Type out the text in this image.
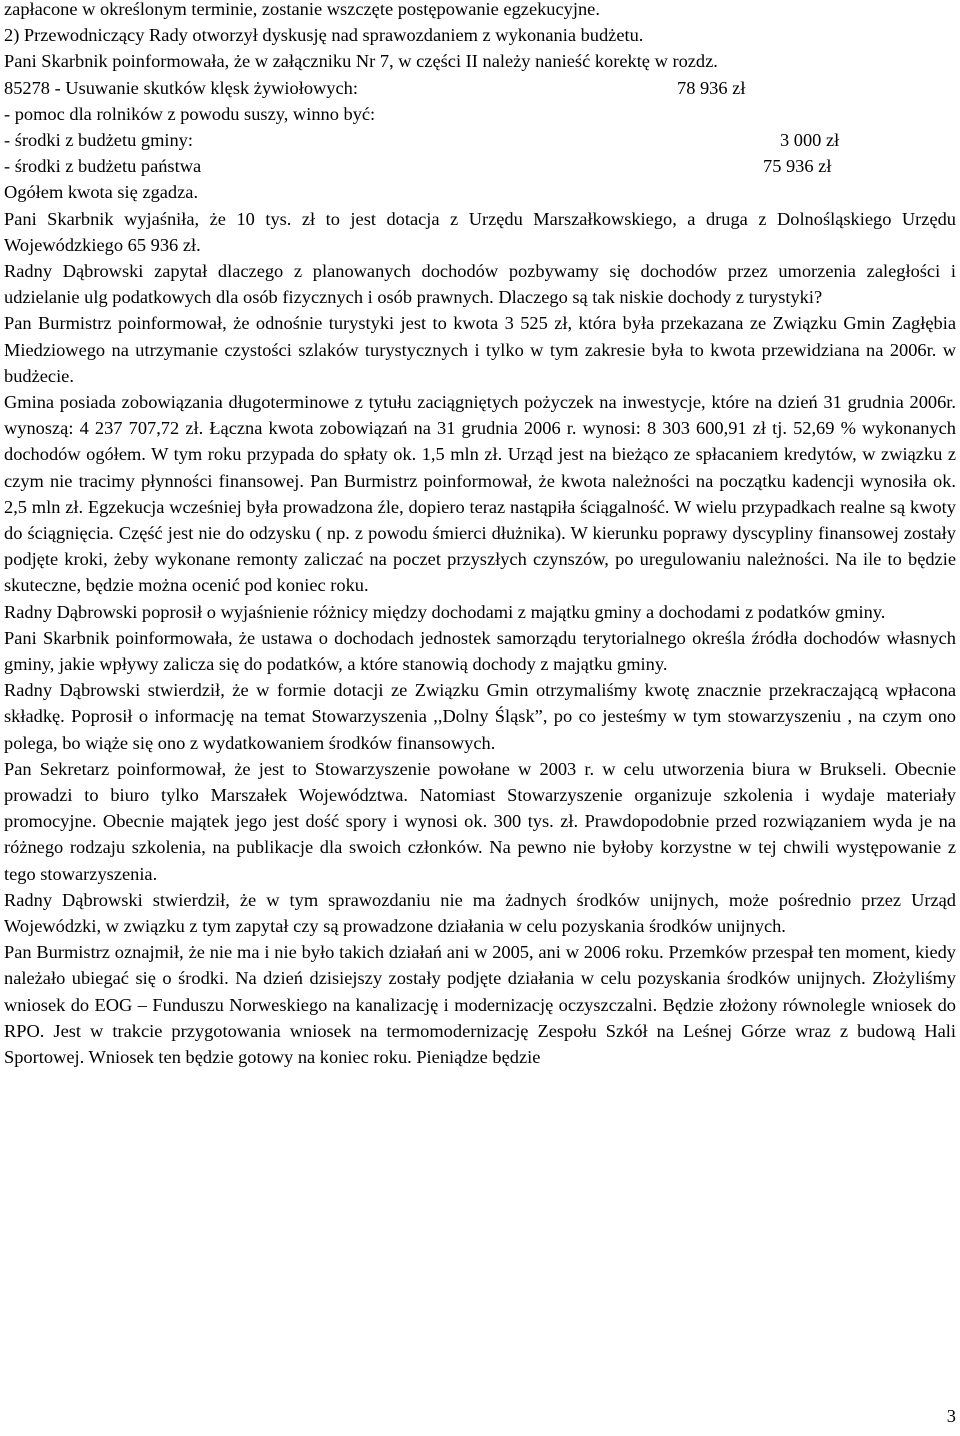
zapłacone w określonym terminie, zostanie wszczęte postępowanie egzekucyjne.

2) Przewodniczący Rady otworzył dyskusję nad sprawozdaniem z wykonania budżetu.

Pani Skarbnik poinformowała, że w załączniku Nr 7, w części II należy nanieść korektę w rozdz.

85278 - Usuwanie skutków klęsk żywiołowych:	78 936 zł
- pomoc dla rolników z powodu suszy, winno być:
- środki z budżetu gminy:	3 000 zł
- środki z budżetu państwa	75 936 zł
Ogółem kwota się zgadza.

Pani Skarbnik wyjaśniła, że 10 tys. zł to jest dotacja z Urzędu Marszałkowskiego, a druga z Dolnośląskiego Urzędu Wojewódzkiego 65 936 zł.

Radny Dąbrowski zapytał dlaczego z planowanych dochodów pozbywamy się dochodów przez umorzenia zaległości i udzielanie ulg podatkowych dla osób fizycznych i osób prawnych. Dlaczego są tak niskie dochody z turystyki?

Pan Burmistrz poinformował, że odnośnie turystyki jest to kwota 3 525 zł, która była przekazana ze Związku Gmin Zagłębia Miedziowego na utrzymanie czystości szlaków turystycznych i tylko w tym zakresie była to kwota przewidziana na 2006r. w budżecie.

Gmina posiada zobowiązania długoterminowe z tytułu zaciągniętych pożyczek na inwestycje, które na dzień 31 grudnia 2006r. wynoszą: 4 237 707,72 zł. Łączna kwota zobowiązań na 31 grudnia 2006 r. wynosi: 8 303 600,91 zł tj. 52,69 % wykonanych dochodów ogółem. W tym roku przypada do spłaty ok. 1,5 mln zł. Urząd jest na bieżąco ze spłacaniem kredytów, w związku z czym nie tracimy płynności finansowej. Pan Burmistrz poinformował, że kwota należności na początku kadencji wynosiła ok. 2,5 mln zł. Egzekucja wcześniej była prowadzona źle, dopiero teraz nastąpiła ściągalność. W wielu przypadkach realne są kwoty do ściągnięcia. Część jest nie do odzysku ( np. z powodu śmierci dłużnika). W kierunku poprawy dyscypliny finansowej zostały podjęte kroki, żeby wykonane remonty zaliczać na poczet przyszłych czynszów, po uregulowaniu należności. Na ile to będzie skuteczne, będzie można ocenić pod koniec roku.

Radny Dąbrowski poprosił o wyjaśnienie różnicy między dochodami z majątku gminy a dochodami z podatków gminy.

Pani Skarbnik poinformowała, że ustawa o dochodach jednostek samorządu terytorialnego określa źródła dochodów własnych gminy, jakie wpływy zalicza się do podatków, a które stanowią dochody z majątku gminy.

Radny Dąbrowski stwierdził, że w formie dotacji ze Związku Gmin otrzymaliśmy kwotę znacznie przekraczającą wpłacona składkę. Poprosił o informację na temat Stowarzyszenia ,,Dolny Śląsk”, po co jesteśmy w tym stowarzyszeniu , na czym ono polega, bo wiąże się ono z wydatkowaniem środków finansowych.

Pan Sekretarz poinformował, że jest to Stowarzyszenie powołane w 2003 r. w celu utworzenia biura w Brukseli. Obecnie prowadzi to biuro tylko Marszałek Województwa. Natomiast Stowarzyszenie organizuje szkolenia i wydaje materiały promocyjne. Obecnie majątek jego jest dość spory i wynosi ok. 300 tys. zł. Prawdopodobnie przed rozwiązaniem wyda je na różnego rodzaju szkolenia, na publikacje dla swoich członków. Na pewno nie byłoby korzystne w tej chwili występowanie z tego stowarzyszenia.

Radny Dąbrowski stwierdził, że w tym sprawozdaniu nie ma żadnych środków unijnych, może pośrednio przez Urząd Wojewódzki, w związku z tym zapytał czy są prowadzone działania w celu pozyskania środków unijnych.

Pan Burmistrz oznajmił, że nie ma i nie było takich działań ani w 2005, ani w 2006 roku. Przemków przespał ten moment, kiedy należało ubiegać się o środki. Na dzień dzisiejszy zostały podjęte działania w celu pozyskania środków unijnych. Złożyliśmy wniosek do EOG – Funduszu Norweskiego na kanalizację i modernizację oczyszczalni. Będzie złożony równolegle wniosek do RPO. Jest w trakcie przygotowania wniosek na termomodernizację Zespołu Szkół na Leśnej Górze wraz z budową Hali Sportowej. Wniosek ten będzie gotowy na koniec roku. Pieniądze będzie

3
